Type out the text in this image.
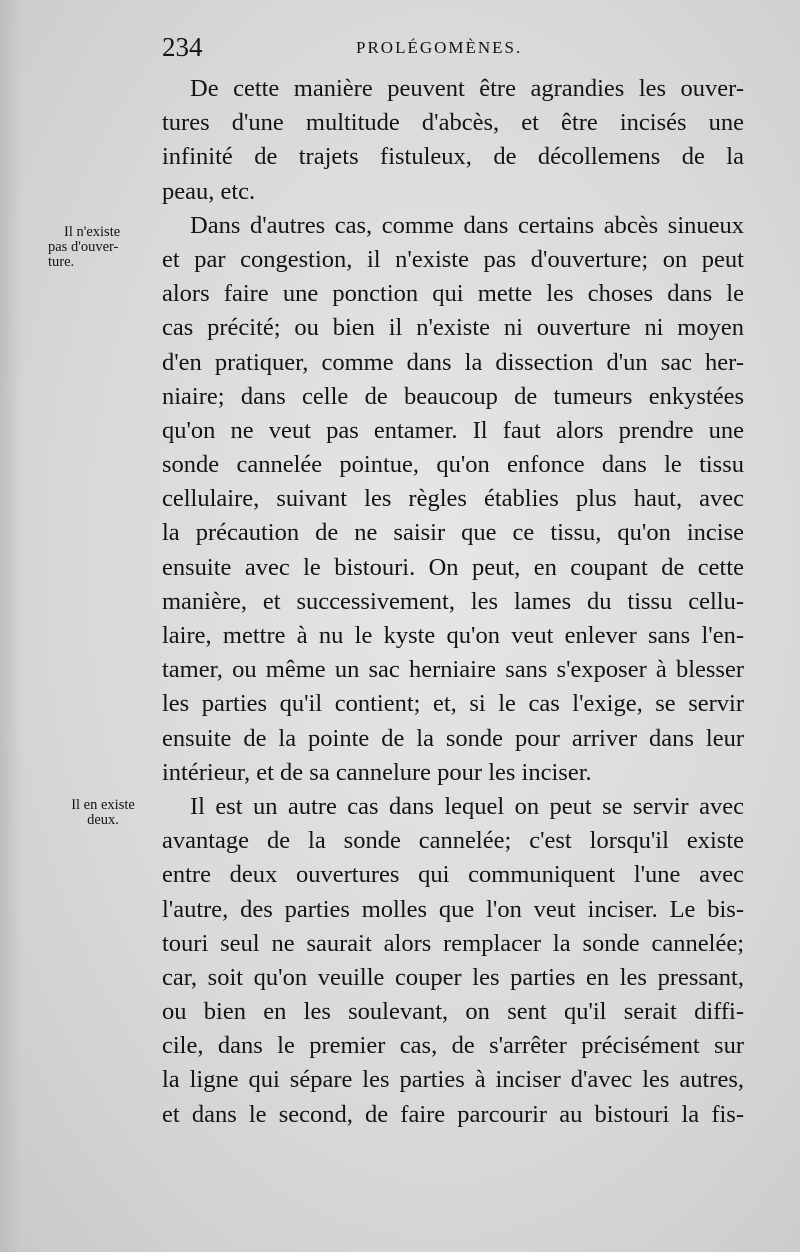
234	PROLÉGOMÈNES.
Il n'existe
pas d'ouver-
ture.
Il en existe
deux.
De cette manière peuvent être agrandies les ouver-
tures d'une multitude d'abcès, et être incisés une
infinité de trajets fistuleux, de décollemens de la
peau, etc.
Dans d'autres cas, comme dans certains abcès sinueux
et par congestion, il n'existe pas d'ouverture; on peut
alors faire une ponction qui mette les choses dans le
cas précité; ou bien il n'existe ni ouverture ni moyen
d'en pratiquer, comme dans la dissection d'un sac her-
niaire; dans celle de beaucoup de tumeurs enkystées
qu'on ne veut pas entamer. Il faut alors prendre une
sonde cannelée pointue, qu'on enfonce dans le tissu
cellulaire, suivant les règles établies plus haut, avec
la précaution de ne saisir que ce tissu, qu'on incise
ensuite avec le bistouri. On peut, en coupant de cette
manière, et successivement, les lames du tissu cellu-
laire, mettre à nu le kyste qu'on veut enlever sans l'en-
tamer, ou même un sac herniaire sans s'exposer à blesser
les parties qu'il contient; et, si le cas l'exige, se servir
ensuite de la pointe de la sonde pour arriver dans leur
intérieur, et de sa cannelure pour les inciser.
Il est un autre cas dans lequel on peut se servir avec
avantage de la sonde cannelée; c'est lorsqu'il existe
entre deux ouvertures qui communiquent l'une avec
l'autre, des parties molles que l'on veut inciser. Le bis-
touri seul ne saurait alors remplacer la sonde cannelée;
car, soit qu'on veuille couper les parties en les pressant,
ou bien en les soulevant, on sent qu'il serait diffi-
cile, dans le premier cas, de s'arrêter précisément sur
la ligne qui sépare les parties à inciser d'avec les autres,
et dans le second, de faire parcourir au bistouri la fis-
